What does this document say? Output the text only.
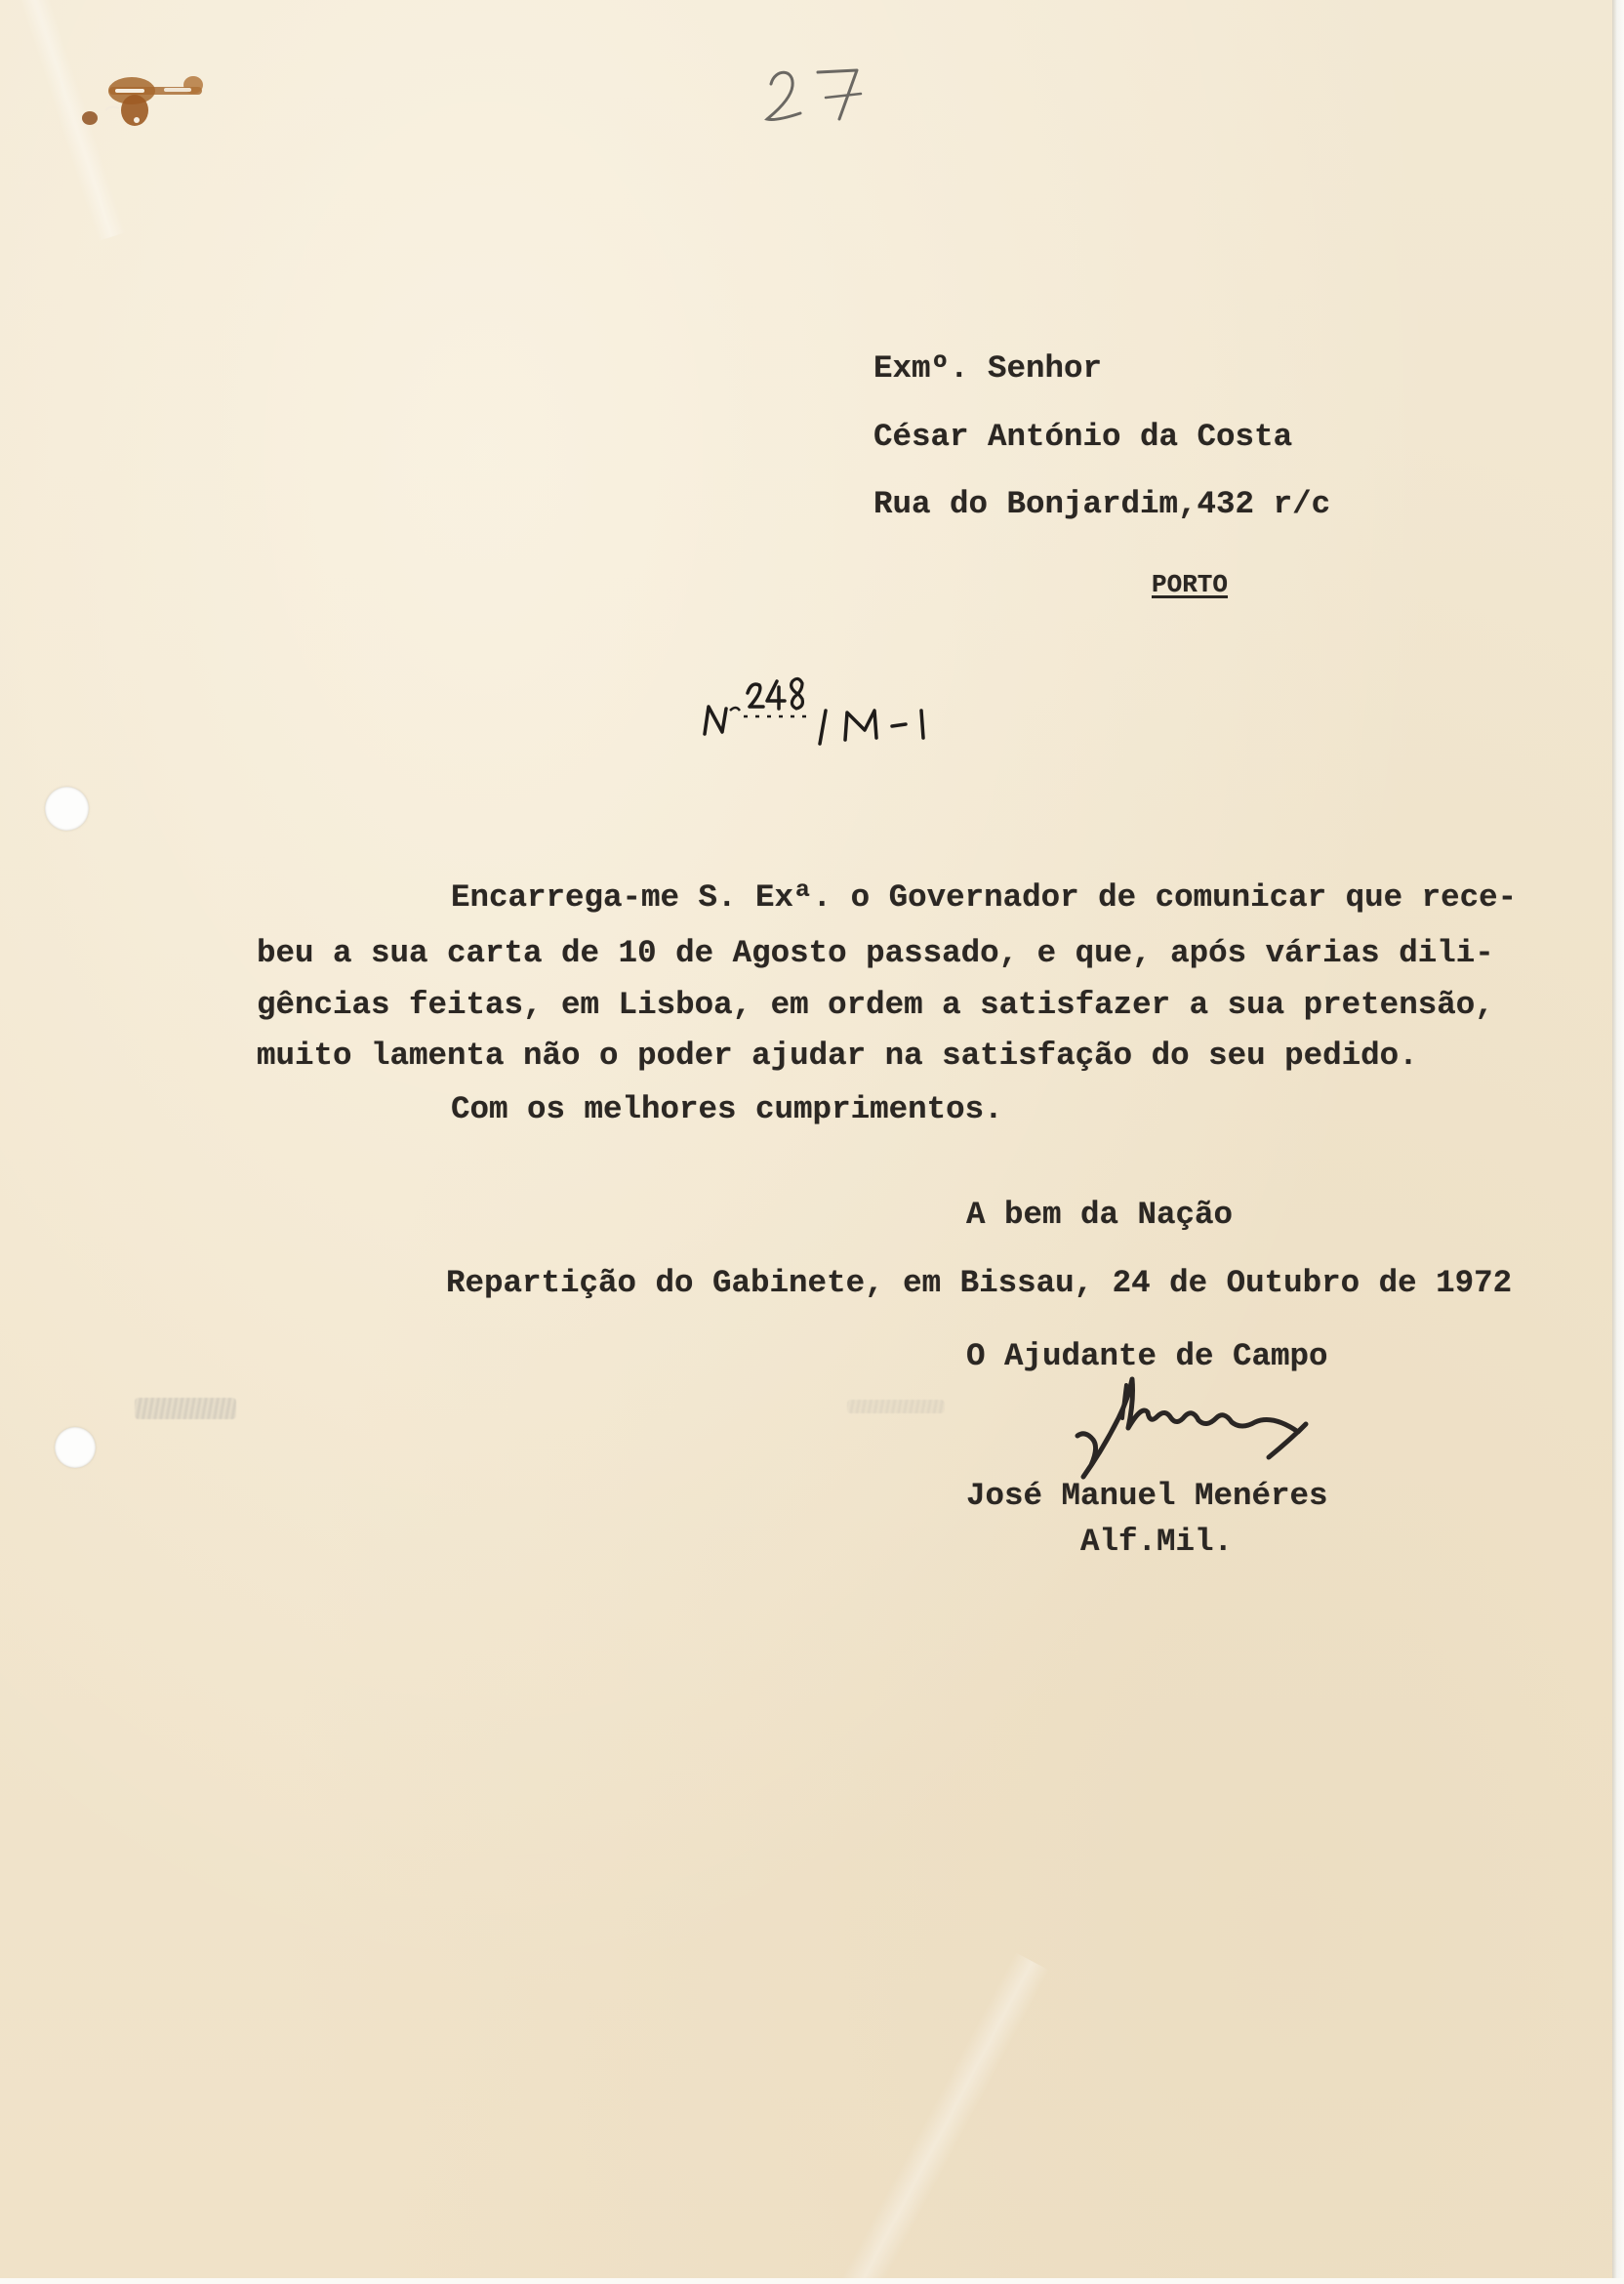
Exmº. Senhor
César António da Costa
Rua do Bonjardim,432 r/c
PORTO
Encarrega-me S. Exª. o Governador de comunicar que rece-
beu a sua carta de 10 de Agosto passado, e que, após várias dili-
gências feitas, em Lisboa, em ordem a satisfazer a sua pretensão,
muito lamenta não o poder ajudar na satisfação do seu pedido.
Com os melhores cumprimentos.
A bem da Nação
Repartição do Gabinete, em Bissau, 24 de Outubro de 1972
O Ajudante de Campo
José Manuel Menéres
Alf.Mil.
